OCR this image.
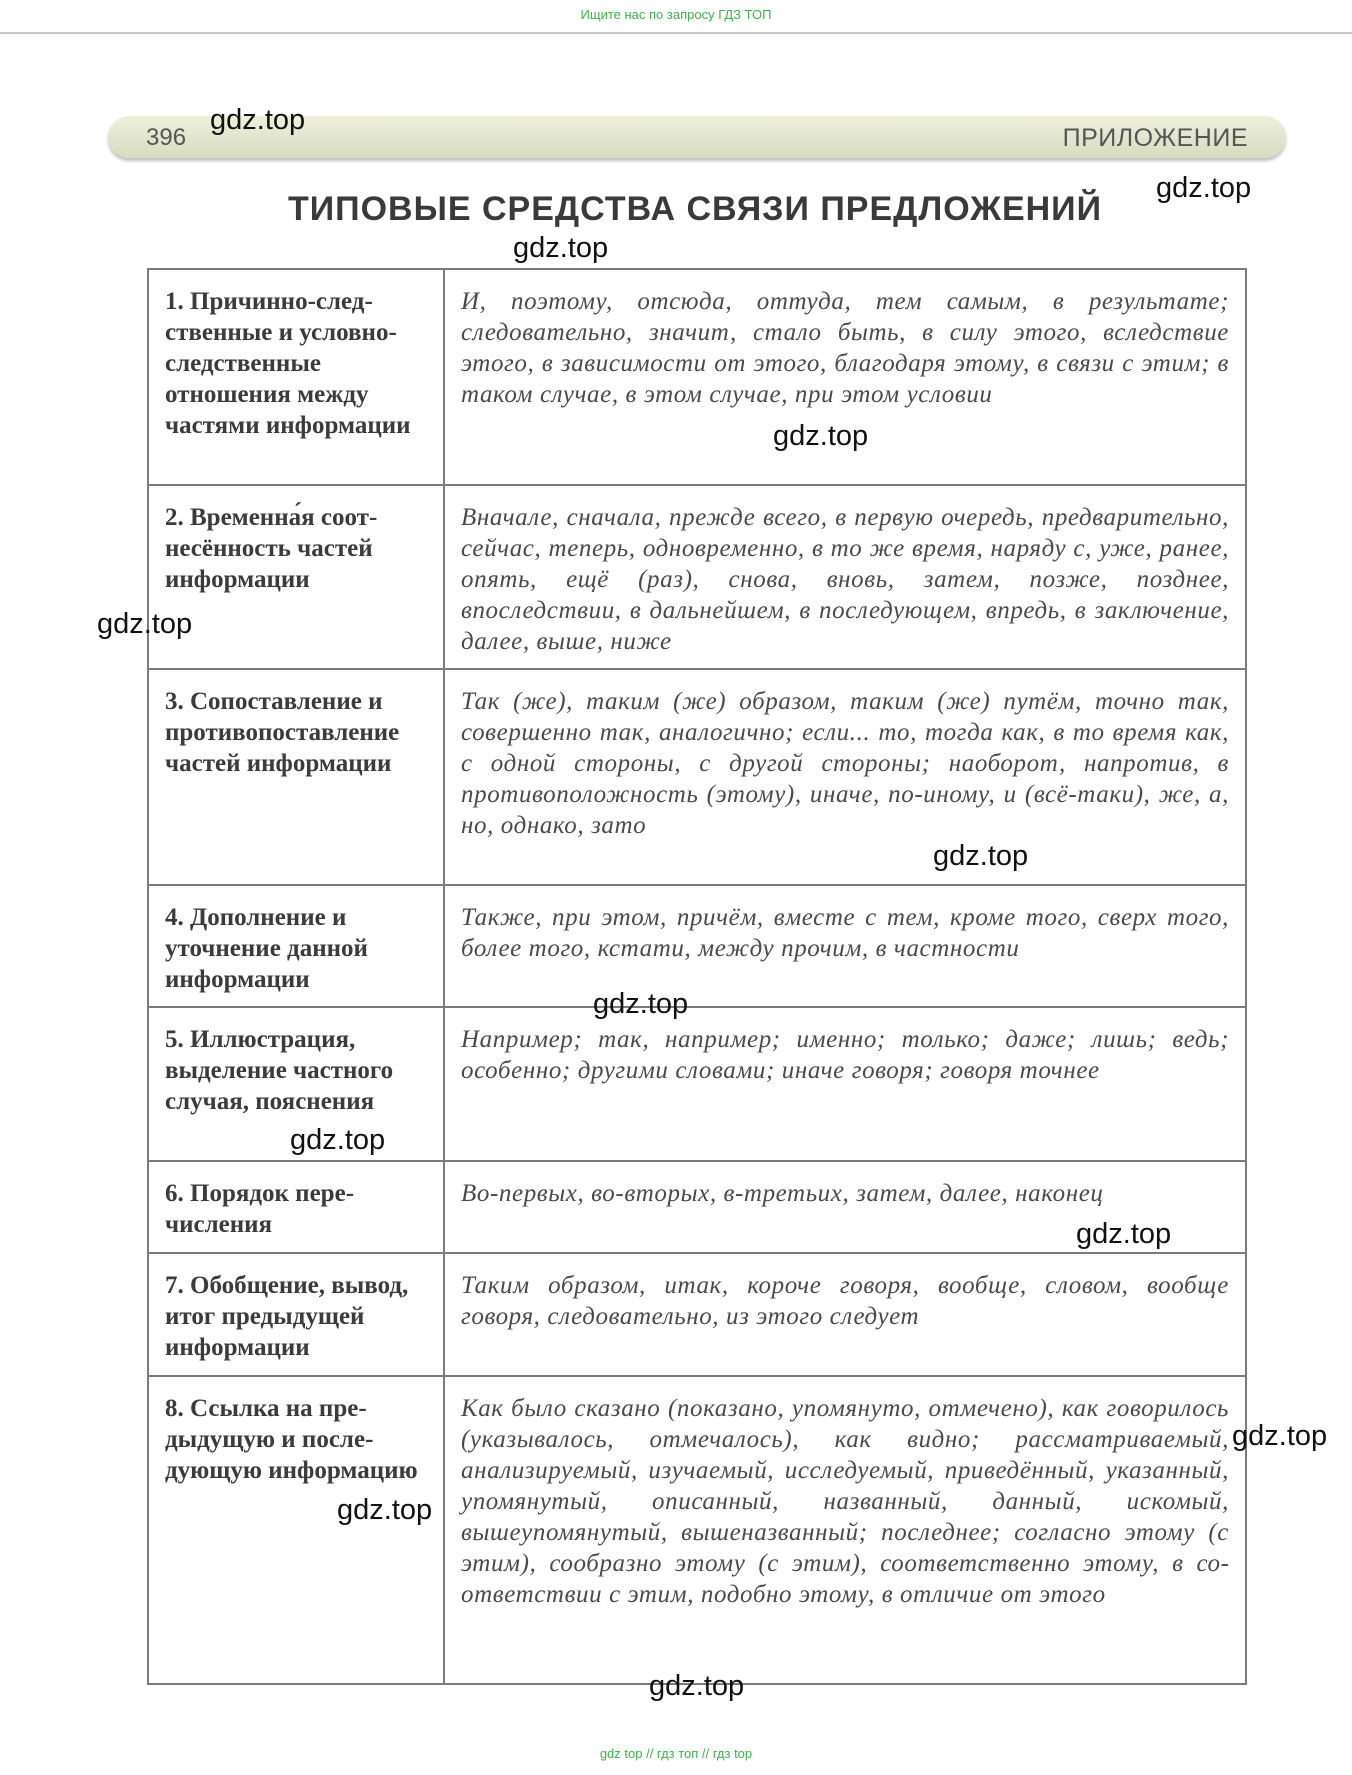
Ищите нас по запросу ГДЗ ТОП
396	ПРИЛОЖЕНИЕ
ТИПОВЫЕ СРЕДСТВА СВЯЗИ ПРЕДЛОЖЕНИЙ
1. Причинно-следственные и условно-следственные отношения между частями информации	И, поэтому, отсюда, оттуда, тем самым, в результате; следовательно, значит, стало быть, в силу этого, вследствие этого, в зависимости от этого, благодаря этому, в связи с этим; в таком случае, в этом случае, при этом условии
2. Временна́я соотнесённость частей информации	Вначале, сначала, прежде всего, в первую очередь, предварительно, сейчас, теперь, одновременно, в то же время, наряду с, уже, ранее, опять, ещё (раз), снова, вновь, затем, позже, позднее, впоследствии, в дальнейшем, в последующем, впредь, в заключение, далее, выше, ниже
3. Сопоставление и противопоставление частей информации	Так (же), таким (же) образом, таким (же) путём, точно так, совершенно так, аналогично; если... то, тогда как, в то время как, с одной стороны, с другой стороны; наоборот, напротив, в противоположность (этому), иначе, по-иному, и (всё-таки), же, а, но, однако, зато
4. Дополнение и уточнение данной информации	Также, при этом, причём, вместе с тем, кроме того, сверх того, более того, кстати, между прочим, в частности
5. Иллюстрация, выделение частного случая, пояснения	Например; так, например; именно; только; даже; лишь; ведь; особенно; другими словами; иначе говоря; говоря точнее
6. Порядок перечисления	Во-первых, во-вторых, в-третьих, затем, далее, наконец
7. Обобщение, вывод, итог предыдущей информации	Таким образом, итак, короче говоря, вообще, словом, вообще говоря, следовательно, из этого следует
8. Ссылка на предыдущую и последующую информацию	Как было сказано (показано, упомянуто, отмечено), как говорилось (указывалось, отмечалось), как видно; рассматриваемый, анализируемый, изучаемый, исследуемый, приведённый, указанный, упомянутый, описанный, названный, данный, искомый, вышеупомянутый, вышеназванный; последнее; согласно этому (с этим), сообразно этому (с этим), соответственно этому, в соответствии с этим, подобно этому, в отличие от этого
gdz.top
gdz.top
gdz.top
gdz.top
gdz.top
gdz.top
gdz.top
gdz.top
gdz.top
gdz.top
gdz.top
gdz.top
gdz top // гдз топ // гдз top
